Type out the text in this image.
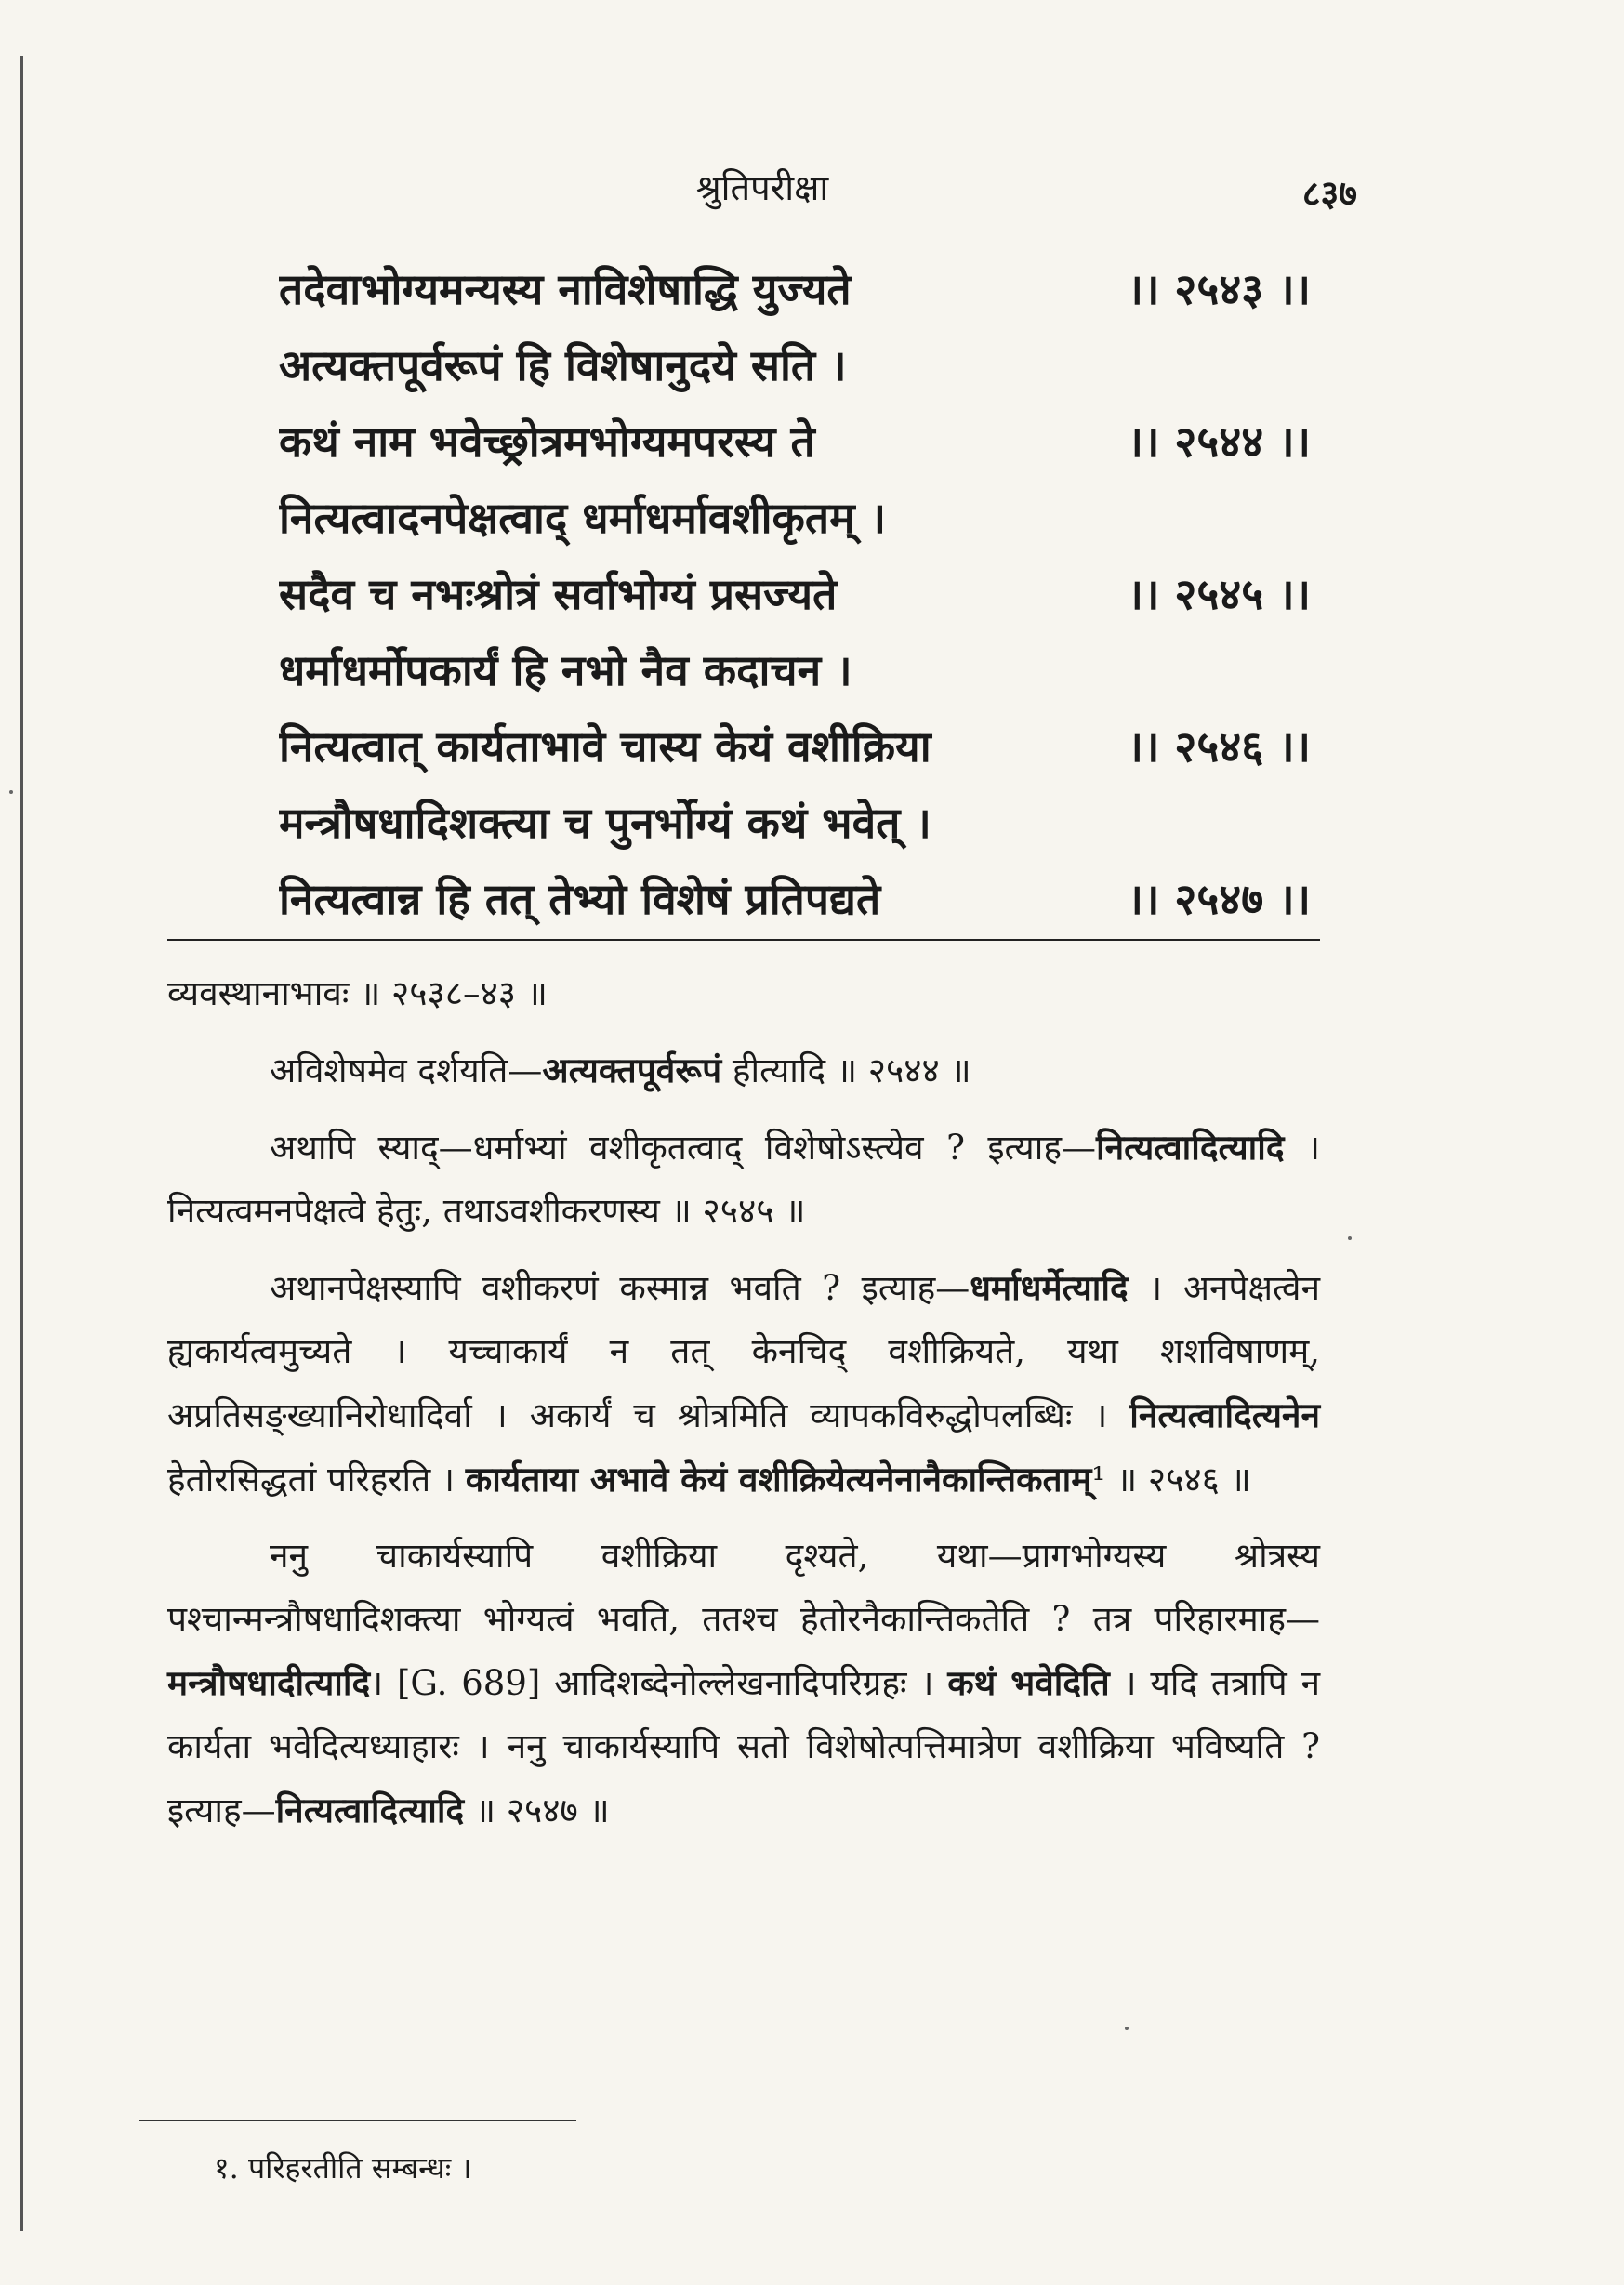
श्रुतिपरीक्षा	८३७
तदेवाभोग्यमन्यस्य नाविशेषाद्धि युज्यते	।। २५४३ ।।
अत्यक्तपूर्वरूपं हि विशेषानुदये सति ।
कथं नाम भवेच्छ्रोत्रमभोग्यमपरस्य ते	।। २५४४ ।।
नित्यत्वादनपेक्षत्वाद् धर्माधर्मावशीकृतम् ।
सदैव च नभःश्रोत्रं सर्वाभोग्यं प्रसज्यते	।। २५४५ ।।
धर्माधर्मोपकार्यं हि नभो नैव कदाचन ।
नित्यत्वात् कार्यताभावे चास्य केयं वशीक्रिया	।। २५४६ ।।
मन्त्रौषधादिशक्त्या च पुनर्भोग्यं कथं भवेत् ।
नित्यत्वान्न हि तत् तेभ्यो विशेषं प्रतिपद्यते	।। २५४७ ।।

व्यवस्थानाभावः ॥ २५३८–४३ ॥

अविशेषमेव दर्शयति—अत्यक्तपूर्वरूपं हीत्यादि ॥ २५४४ ॥

अथापि स्याद्—धर्माभ्यां वशीकृतत्वाद् विशेषोऽस्त्येव ? इत्याह—नित्यत्वादित्यादि । नित्यत्वमनपेक्षत्वे हेतुः, तथाऽवशीकरणस्य ॥ २५४५ ॥

अथानपेक्षस्यापि वशीकरणं कस्मान्न भवति ? इत्याह—धर्माधर्मेत्यादि । अनपेक्षत्वेन ह्यकार्यत्वमुच्यते । यच्चाकार्यं न तत् केनचिद् वशीक्रियते, यथा शशविषाणम्, अप्रतिसङ्ख्यानिरोधादिर्वा । अकार्यं च श्रोत्रमिति व्यापकविरुद्धोपलब्धिः । नित्यत्वादित्यनेन हेतोरसिद्धतां परिहरति । कार्यताया अभावे केयं वशीक्रियेत्यनेनानैकान्तिकताम्¹ ॥ २५४६ ॥

ननु चाकार्यस्यापि वशीक्रिया दृश्यते, यथा—प्रागभोग्यस्य श्रोत्रस्य पश्चान्मन्त्रौषधादिशक्त्या भोग्यत्वं भवति, ततश्च हेतोरनैकान्तिकतेति ? तत्र परिहारमाह—मन्त्रौषधादीत्यादि। [G. 689] आदिशब्देनोल्लेखनादिपरिग्रहः । कथं भवेदिति । यदि तत्रापि न कार्यता भवेदित्यध्याहारः । ननु चाकार्यस्यापि सतो विशेषोत्पत्तिमात्रेण वशीक्रिया भविष्यति ? इत्याह—नित्यत्वादित्यादि ॥ २५४७ ॥

१. परिहरतीति सम्बन्धः ।
